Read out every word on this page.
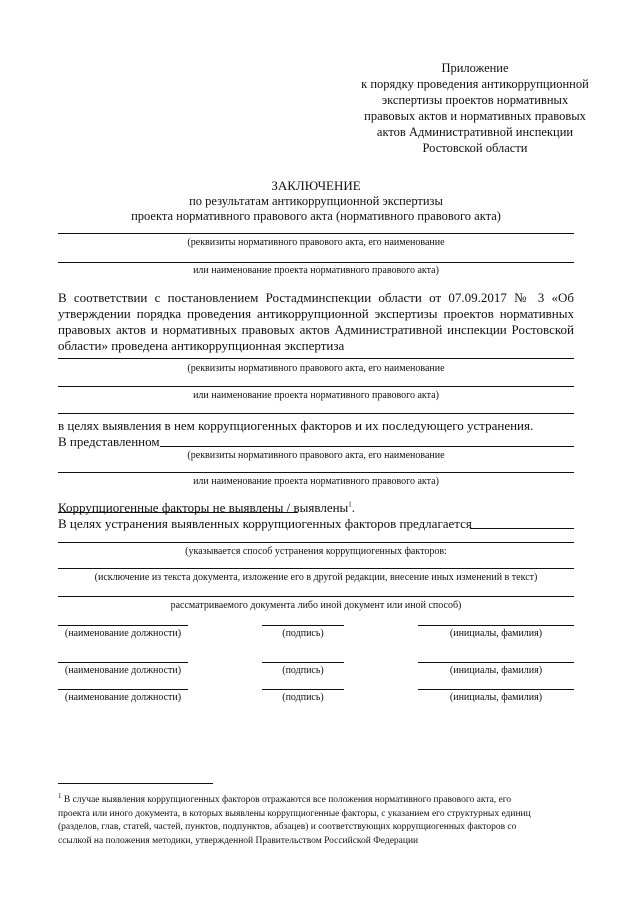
Приложение
к порядку проведения антикоррупционной
экспертизы проектов нормативных
правовых актов и нормативных правовых
актов Административной инспекции
Ростовской области
ЗАКЛЮЧЕНИЕ
по результатам антикоррупционной экспертизы
проекта нормативного правового акта (нормативного правового акта)
(реквизиты нормативного правового акта, его наименование
или наименование проекта нормативного правового акта)
В соответствии с постановлением Ростадминспекции области от 07.09.2017 № 3 «Об утверждении порядка проведения антикоррупционной экспертизы проектов нормативных правовых актов и нормативных правовых актов Административной инспекции Ростовской области» проведена антикоррупционная экспертиза
(реквизиты нормативного правового акта, его наименование
или наименование проекта нормативного правового акта)
в целях выявления в нем коррупциогенных факторов и их последующего устранения.
В представленном
(реквизиты нормативного правового акта, его наименование
или наименование проекта нормативного правового акта)
Коррупциогенные факторы не выявлены / выявлены$^1$.
В целях устранения выявленных коррупциогенных факторов предлагается
(указывается способ устранения коррупциогенных факторов:
(исключение из текста документа, изложение его в другой редакции, внесение иных изменений в текст)
рассматриваемого документа либо иной документ или иной способ)
(наименование должности)	(подпись)	(инициалы, фамилия)
(наименование должности)	(подпись)	(инициалы, фамилия)
(наименование должности)	(подпись)	(инициалы, фамилия)
$^1$ В случае выявления коррупциогенных факторов отражаются все положения нормативного правового акта, его
проекта или иного документа, в которых выявлены коррупциогенные факторы, с указанием его структурных единиц
(разделов, глав, статей, частей, пунктов, подпунктов, абзацев) и соответствующих коррупциогенных факторов со
ссылкой на положения методики, утвержденной Правительством Российской Федерации
